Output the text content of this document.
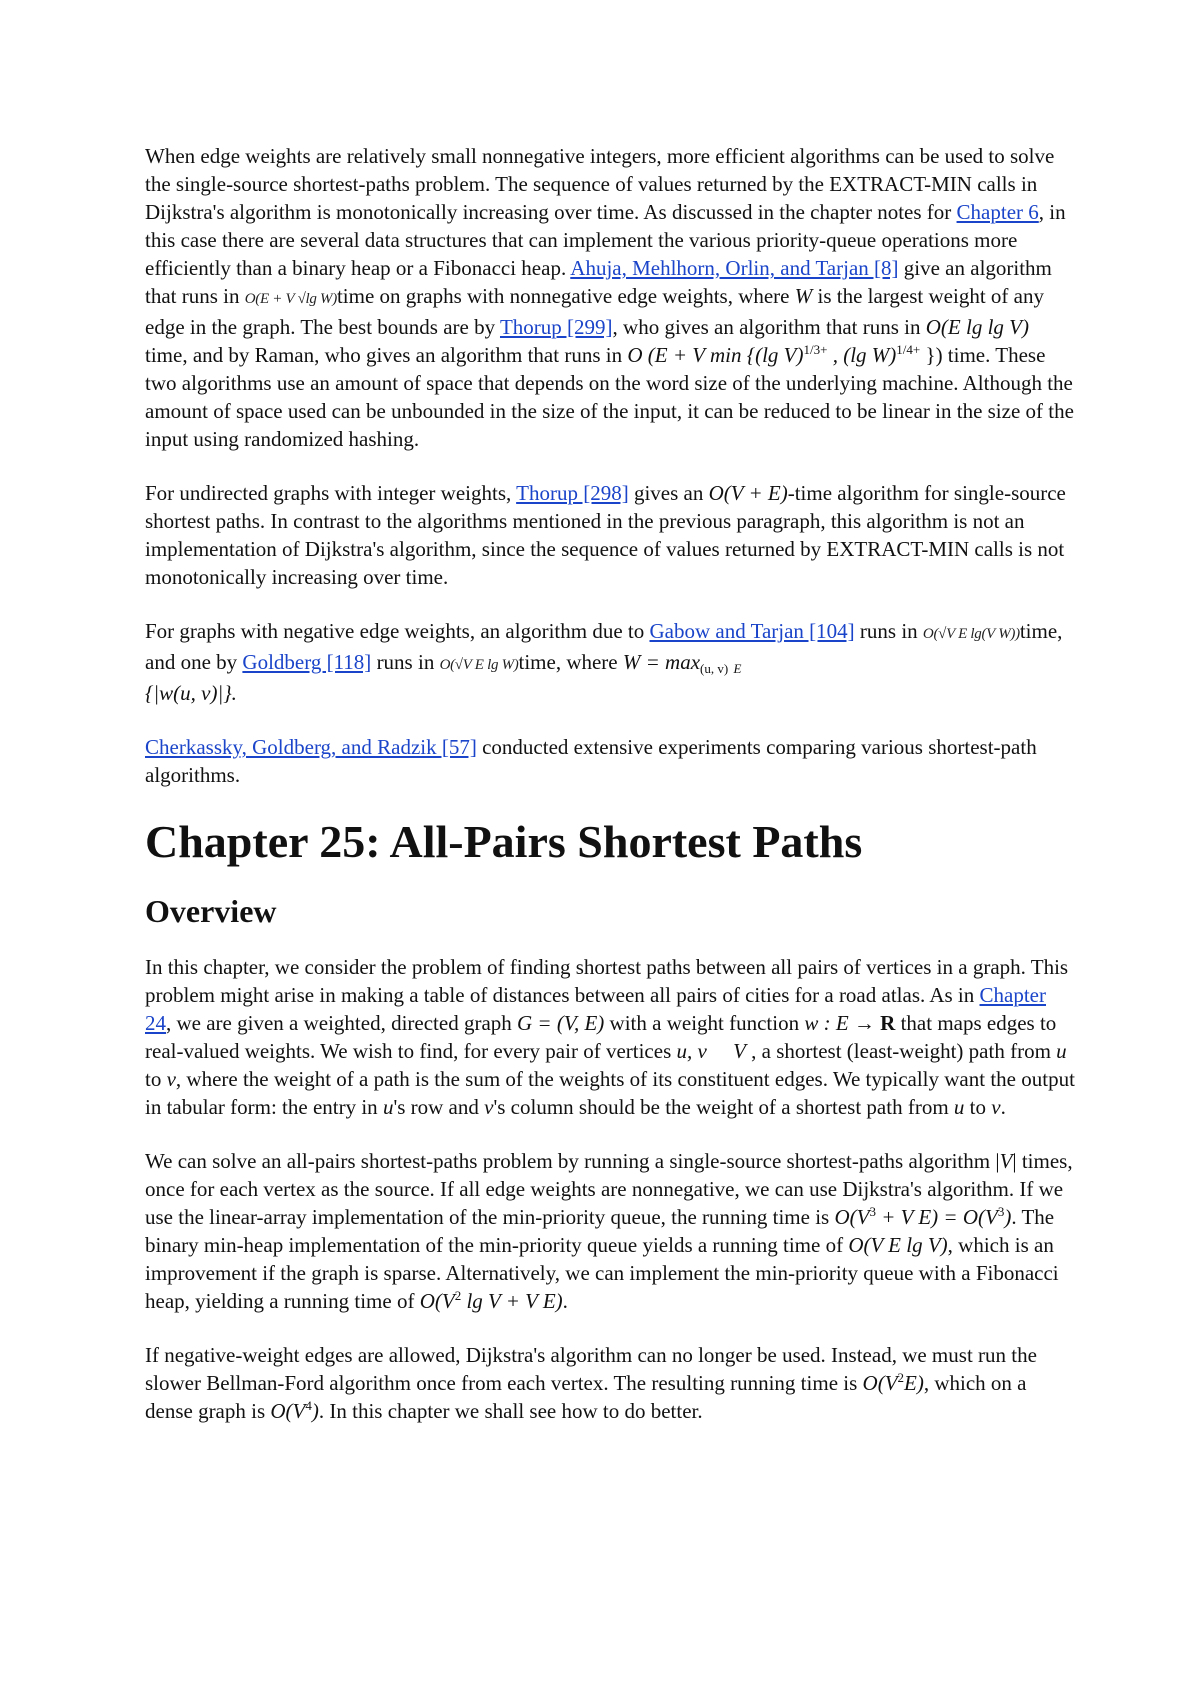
When edge weights are relatively small nonnegative integers, more efficient algorithms can be used to solve the single-source shortest-paths problem. The sequence of values returned by the EXTRACT-MIN calls in Dijkstra's algorithm is monotonically increasing over time. As discussed in the chapter notes for Chapter 6, in this case there are several data structures that can implement the various priority-queue operations more efficiently than a binary heap or a Fibonacci heap. Ahuja, Mehlhorn, Orlin, and Tarjan [8] give an algorithm that runs in O(E + V √lg W)time on graphs with nonnegative edge weights, where W is the largest weight of any edge in the graph. The best bounds are by Thorup [299], who gives an algorithm that runs in O(E lg lg V) time, and by Raman, who gives an algorithm that runs in O (E + V min {(lg V)$^{1/3+}$ , (lg W)$^{1/4+}$ }) time. These two algorithms use an amount of space that depends on the word size of the underlying machine. Although the amount of space used can be unbounded in the size of the input, it can be reduced to be linear in the size of the input using randomized hashing.

For undirected graphs with integer weights, Thorup [298] gives an O(V + E)-time algorithm for single-source shortest paths. In contrast to the algorithms mentioned in the previous paragraph, this algorithm is not an implementation of Dijkstra's algorithm, since the sequence of values returned by EXTRACT-MIN calls is not monotonically increasing over time.

For graphs with negative edge weights, an algorithm due to Gabow and Tarjan [104] runs in O(√V E lg(V W))time, and one by Goldberg [118] runs in O(√V E lg W)time, where $W = \max_{(u, v)} _E$
{|w(u, v)|}.

Cherkassky, Goldberg, and Radzik [57] conducted extensive experiments comparing various shortest-path algorithms.

Chapter 25: All-Pairs Shortest Paths
Overview

In this chapter, we consider the problem of finding shortest paths between all pairs of vertices in a graph. This problem might arise in making a table of distances between all pairs of cities for a road atlas. As in Chapter 24, we are given a weighted, directed graph G = (V, E) with a weight function w : E → R that maps edges to real-valued weights. We wish to find, for every pair of vertices u, v     V , a shortest (least-weight) path from u to v, where the weight of a path is the sum of the weights of its constituent edges. We typically want the output in tabular form: the entry in u's row and v's column should be the weight of a shortest path from u to v.

We can solve an all-pairs shortest-paths problem by running a single-source shortest-paths algorithm |V| times, once for each vertex as the source. If all edge weights are nonnegative, we can use Dijkstra's algorithm. If we use the linear-array implementation of the min-priority queue, the running time is $O(V^3 + V$ $E) = O(V^3)$. The binary min-heap implementation of the min-priority queue yields a running time of O(V E lg V), which is an improvement if the graph is sparse. Alternatively, we can implement the min-priority queue with a Fibonacci heap, yielding a running time of $O(V^2$ lg V + V E).

If negative-weight edges are allowed, Dijkstra's algorithm can no longer be used. Instead, we must run the slower Bellman-Ford algorithm once from each vertex. The resulting running time is $O(V^2E)$, which on a dense graph is $O(V^4)$. In this chapter we shall see how to do better.
